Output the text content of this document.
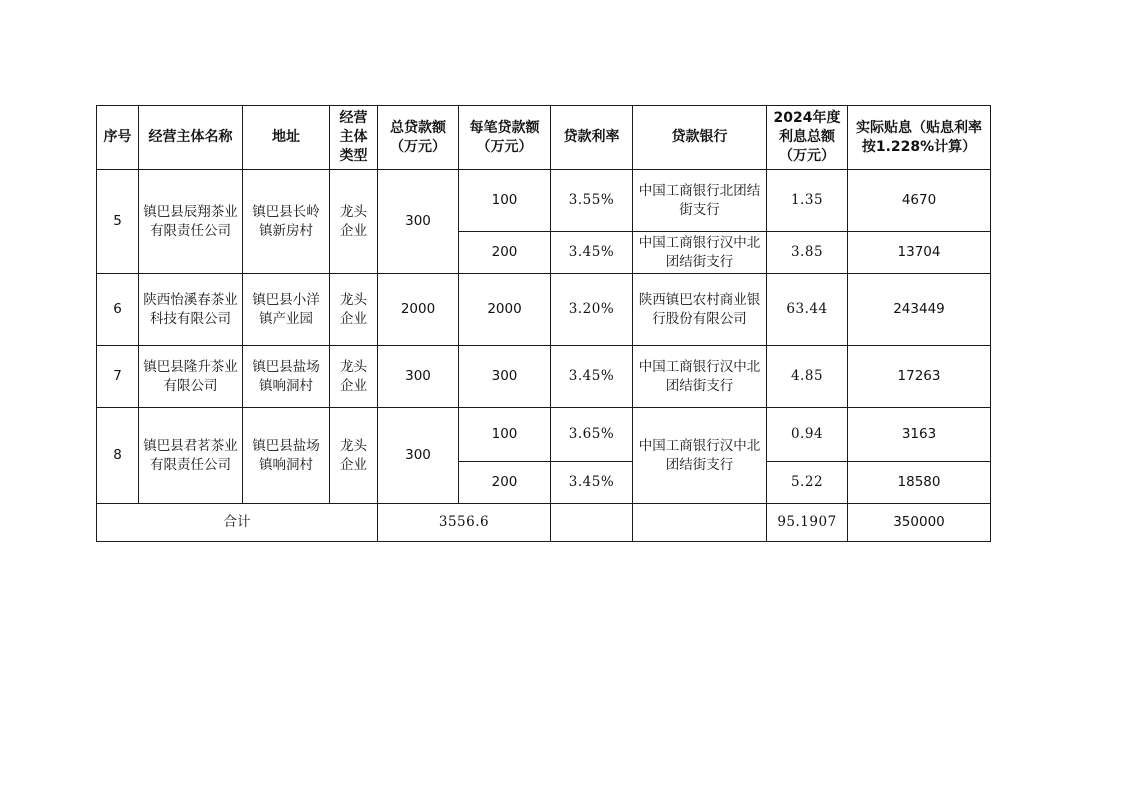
序号	经营主体名称	地址	经营主体类型	总贷款额（万元）	每笔贷款额（万元）	贷款利率	贷款银行	2024年度利息总额（万元）	实际贴息（贴息利率按1.228%计算）
5	镇巴县辰翔茶业有限责任公司	镇巴县长岭镇新房村	龙头企业	300	100	3.55%	中国工商银行北团结街支行	1.35	4670
					200	3.45%	中国工商银行汉中北团结街支行	3.85	13704
6	陕西怡溪春茶业科技有限公司	镇巴县小洋镇产业园	龙头企业	2000	2000	3.20%	陕西镇巴农村商业银行股份有限公司	63.44	243449
7	镇巴县隆升茶业有限公司	镇巴县盐场镇响洞村	龙头企业	300	300	3.45%	中国工商银行汉中北团结街支行	4.85	17263
8	镇巴县君茗茶业有限责任公司	镇巴县盐场镇响洞村	龙头企业	300	100	3.65%	中国工商银行汉中北团结街支行	0.94	3163
					200	3.45%		5.22	18580
合计				3556.6				95.1907	350000
